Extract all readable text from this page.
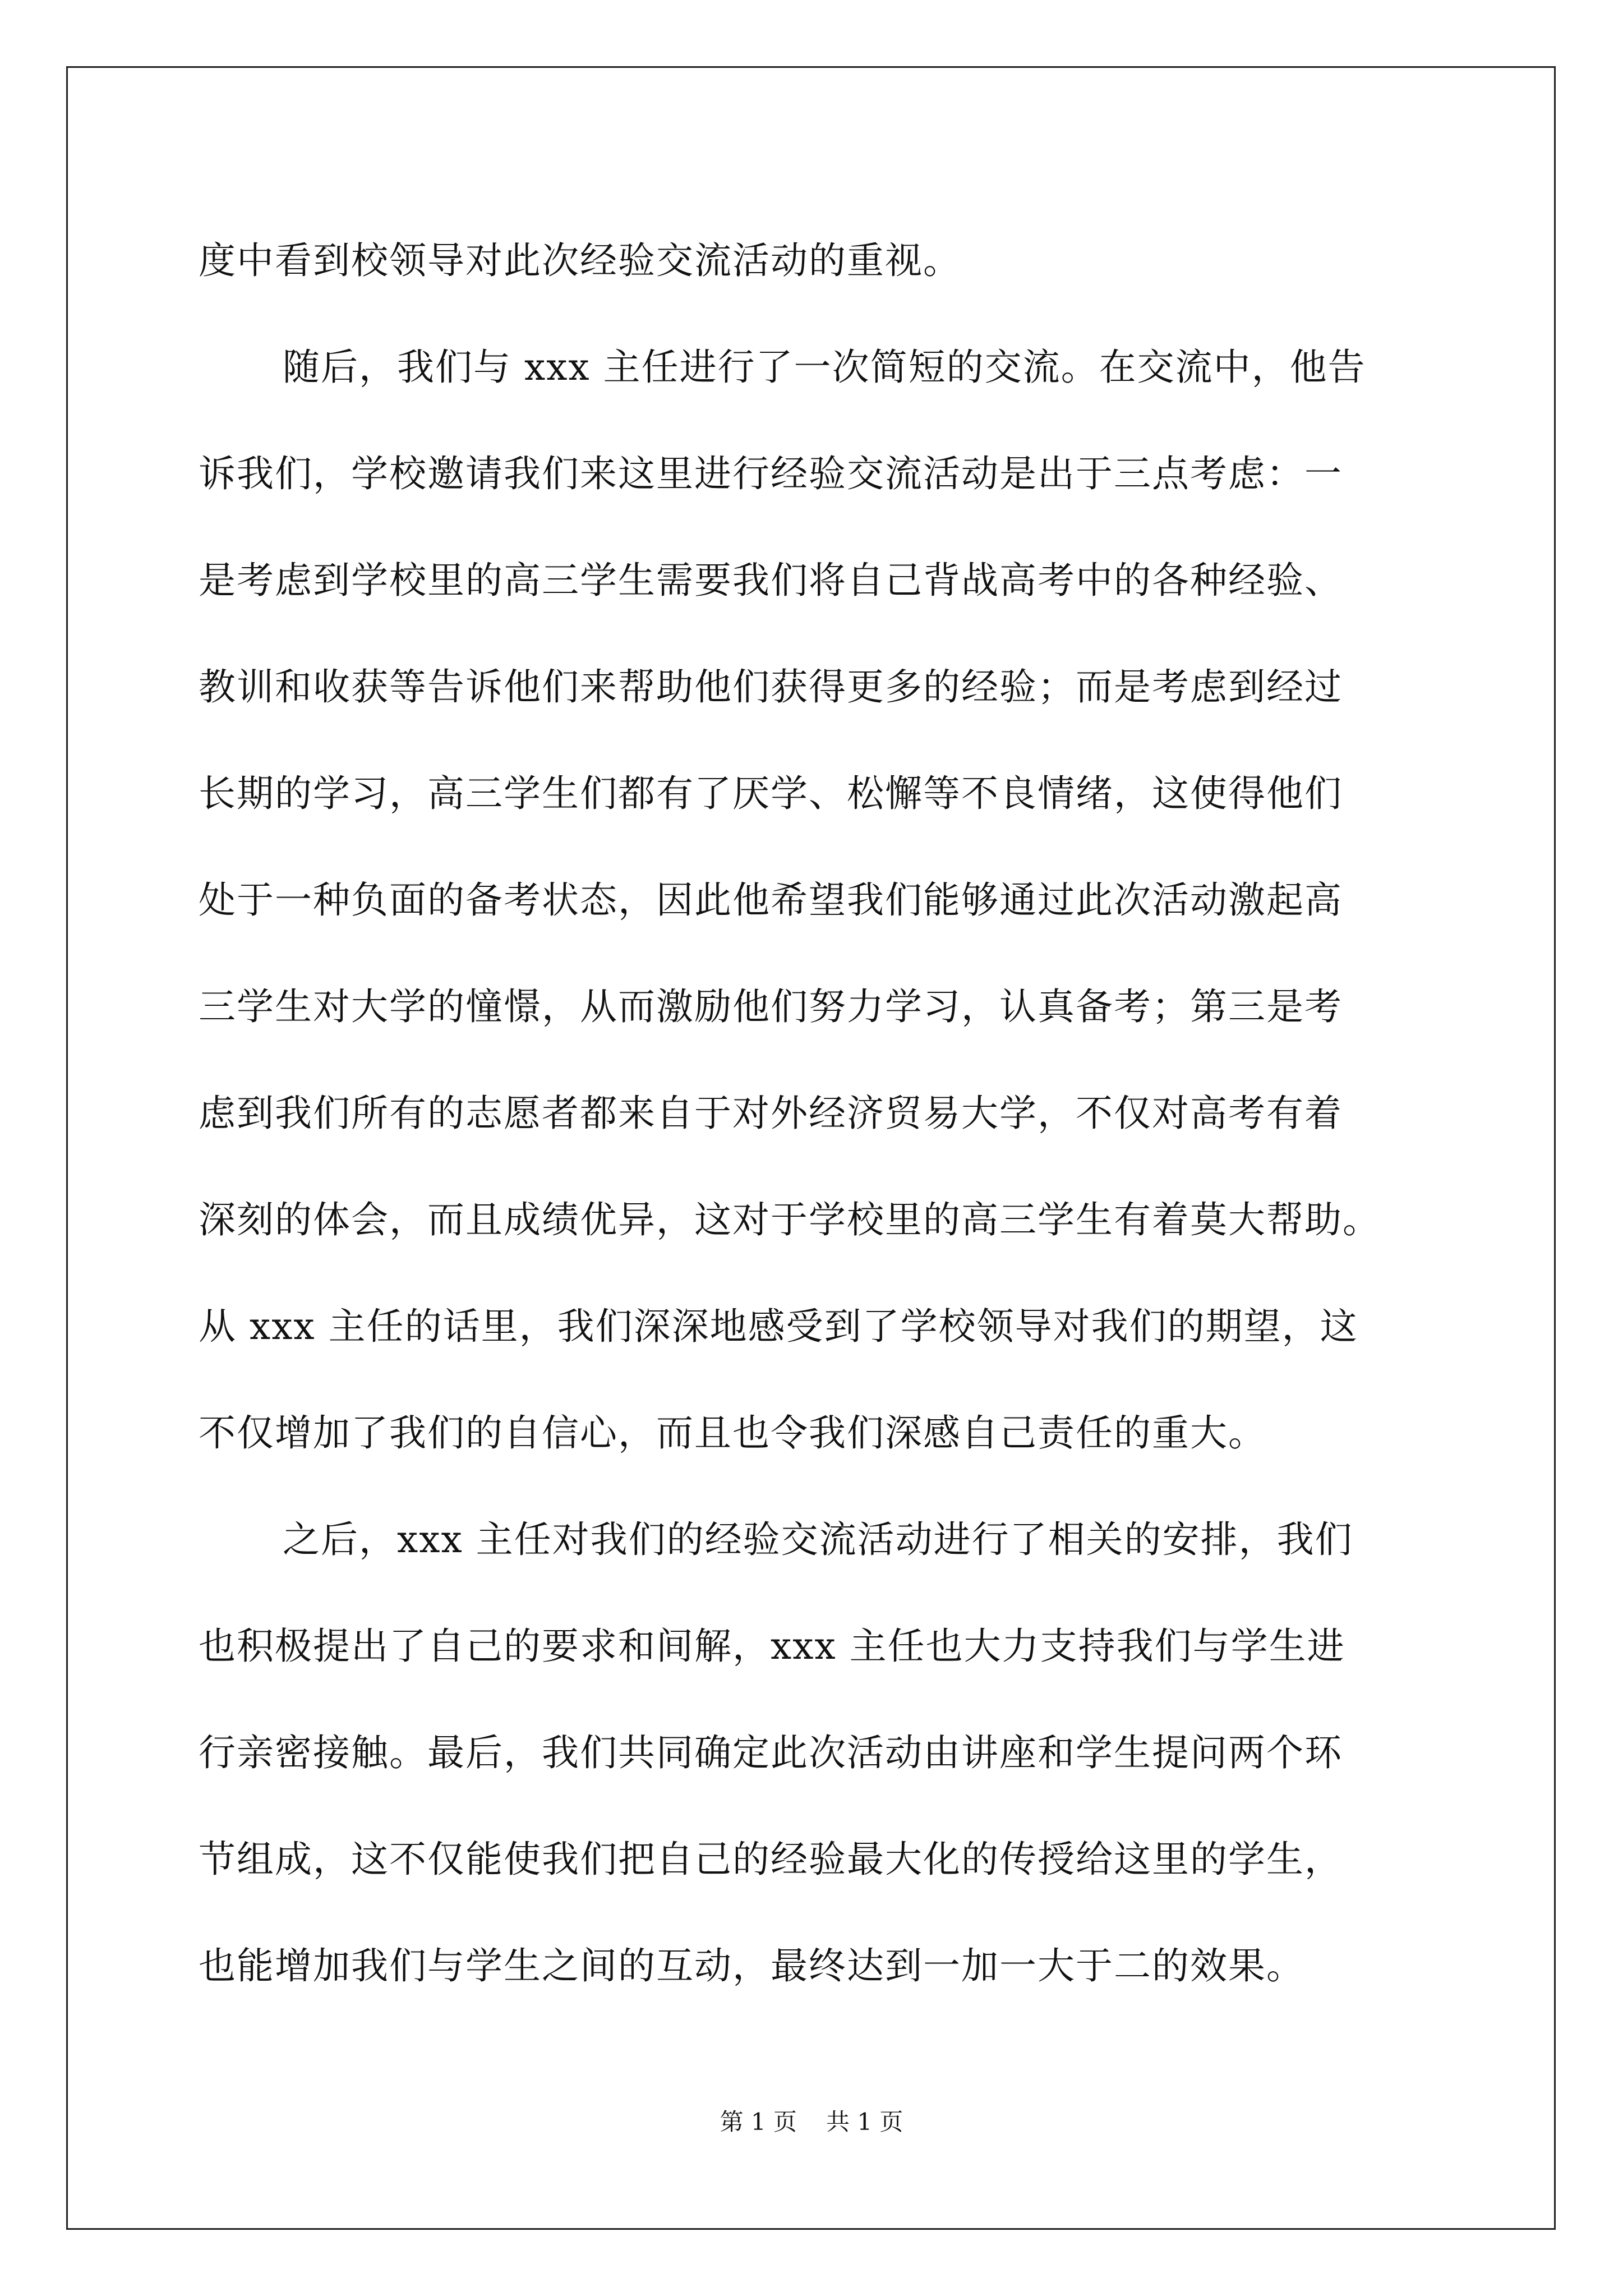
度中看到校领导对此次经验交流活动的重视。
随后，我们与 xxx 主任进行了一次简短的交流。在交流中，他告
诉我们，学校邀请我们来这里进行经验交流活动是出于三点考虑：一
是考虑到学校里的高三学生需要我们将自己背战高考中的各种经验、
教训和收获等告诉他们来帮助他们获得更多的经验；而是考虑到经过
长期的学习，高三学生们都有了厌学、松懈等不良情绪，这使得他们
处于一种负面的备考状态，因此他希望我们能够通过此次活动激起高
三学生对大学的憧憬，从而激励他们努力学习，认真备考；第三是考
虑到我们所有的志愿者都来自于对外经济贸易大学，不仅对高考有着
深刻的体会，而且成绩优异，这对于学校里的高三学生有着莫大帮助。
从 xxx 主任的话里，我们深深地感受到了学校领导对我们的期望，这
不仅增加了我们的自信心，而且也令我们深感自己责任的重大。
之后，xxx 主任对我们的经验交流活动进行了相关的安排，我们
也积极提出了自己的要求和间解，xxx 主任也大力支持我们与学生进
行亲密接触。最后，我们共同确定此次活动由讲座和学生提问两个环
节组成，这不仅能使我们把自己的经验最大化的传授给这里的学生，
也能增加我们与学生之间的互动，最终达到一加一大于二的效果。
第 1 页 共 1 页
